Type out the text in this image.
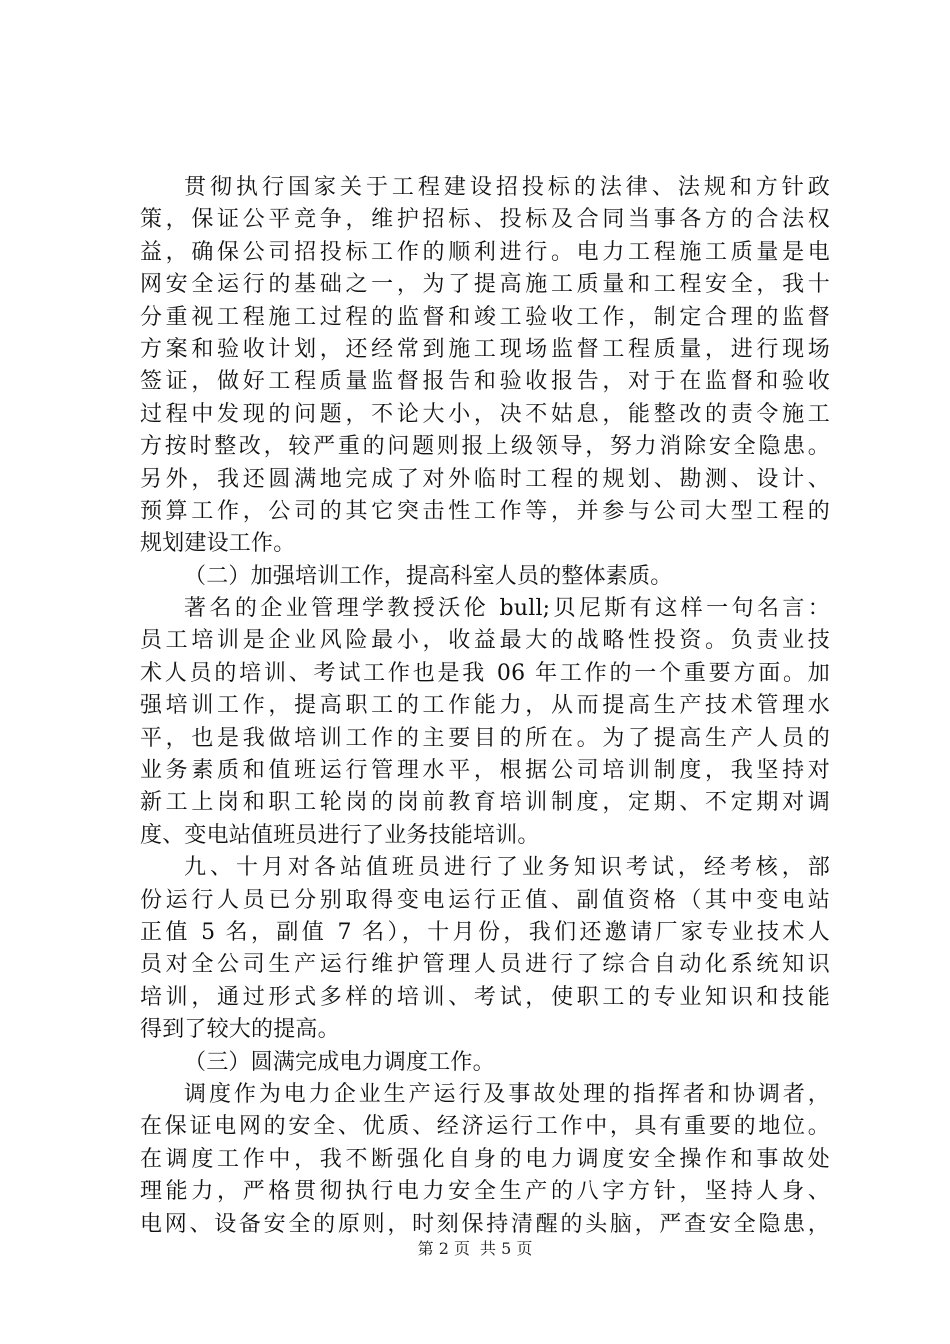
贯彻执行国家关于工程建设招投标的法律、法规和方针政
策，保证公平竞争，维护招标、投标及合同当事各方的合法权
益，确保公司招投标工作的顺利进行。电力工程施工质量是电
网安全运行的基础之一，为了提高施工质量和工程安全，我十
分重视工程施工过程的监督和竣工验收工作，制定合理的监督
方案和验收计划，还经常到施工现场监督工程质量，进行现场
签证，做好工程质量监督报告和验收报告，对于在监督和验收
过程中发现的问题，不论大小，决不姑息，能整改的责令施工
方按时整改，较严重的问题则报上级领导，努力消除安全隐患。
另外，我还圆满地完成了对外临时工程的规划、勘测、设计、
预算工作，公司的其它突击性工作等，并参与公司大型工程的
规划建设工作。
（二）加强培训工作，提高科室人员的整体素质。
著名的企业管理学教授沃伦 bull;贝尼斯有这样一句名言：
员工培训是企业风险最小，收益最大的战略性投资。负责业技
术人员的培训、考试工作也是我 06 年工作的一个重要方面。加
强培训工作，提高职工的工作能力，从而提高生产技术管理水
平，也是我做培训工作的主要目的所在。为了提高生产人员的
业务素质和值班运行管理水平，根据公司培训制度，我坚持对
新工上岗和职工轮岗的岗前教育培训制度，定期、不定期对调
度、变电站值班员进行了业务技能培训。
九、十月对各站值班员进行了业务知识考试，经考核，部
份运行人员已分别取得变电运行正值、副值资格（其中变电站
正值 5 名，副值 7 名），十月份，我们还邀请厂家专业技术人
员对全公司生产运行维护管理人员进行了综合自动化系统知识
培训，通过形式多样的培训、考试，使职工的专业知识和技能
得到了较大的提高。
（三）圆满完成电力调度工作。
调度作为电力企业生产运行及事故处理的指挥者和协调者，
在保证电网的安全、优质、经济运行工作中，具有重要的地位。
在调度工作中，我不断强化自身的电力调度安全操作和事故处
理能力，严格贯彻执行电力安全生产的八字方针，坚持人身、
电网、设备安全的原则，时刻保持清醒的头脑，严查安全隐患，
第 2 页 共 5 页
